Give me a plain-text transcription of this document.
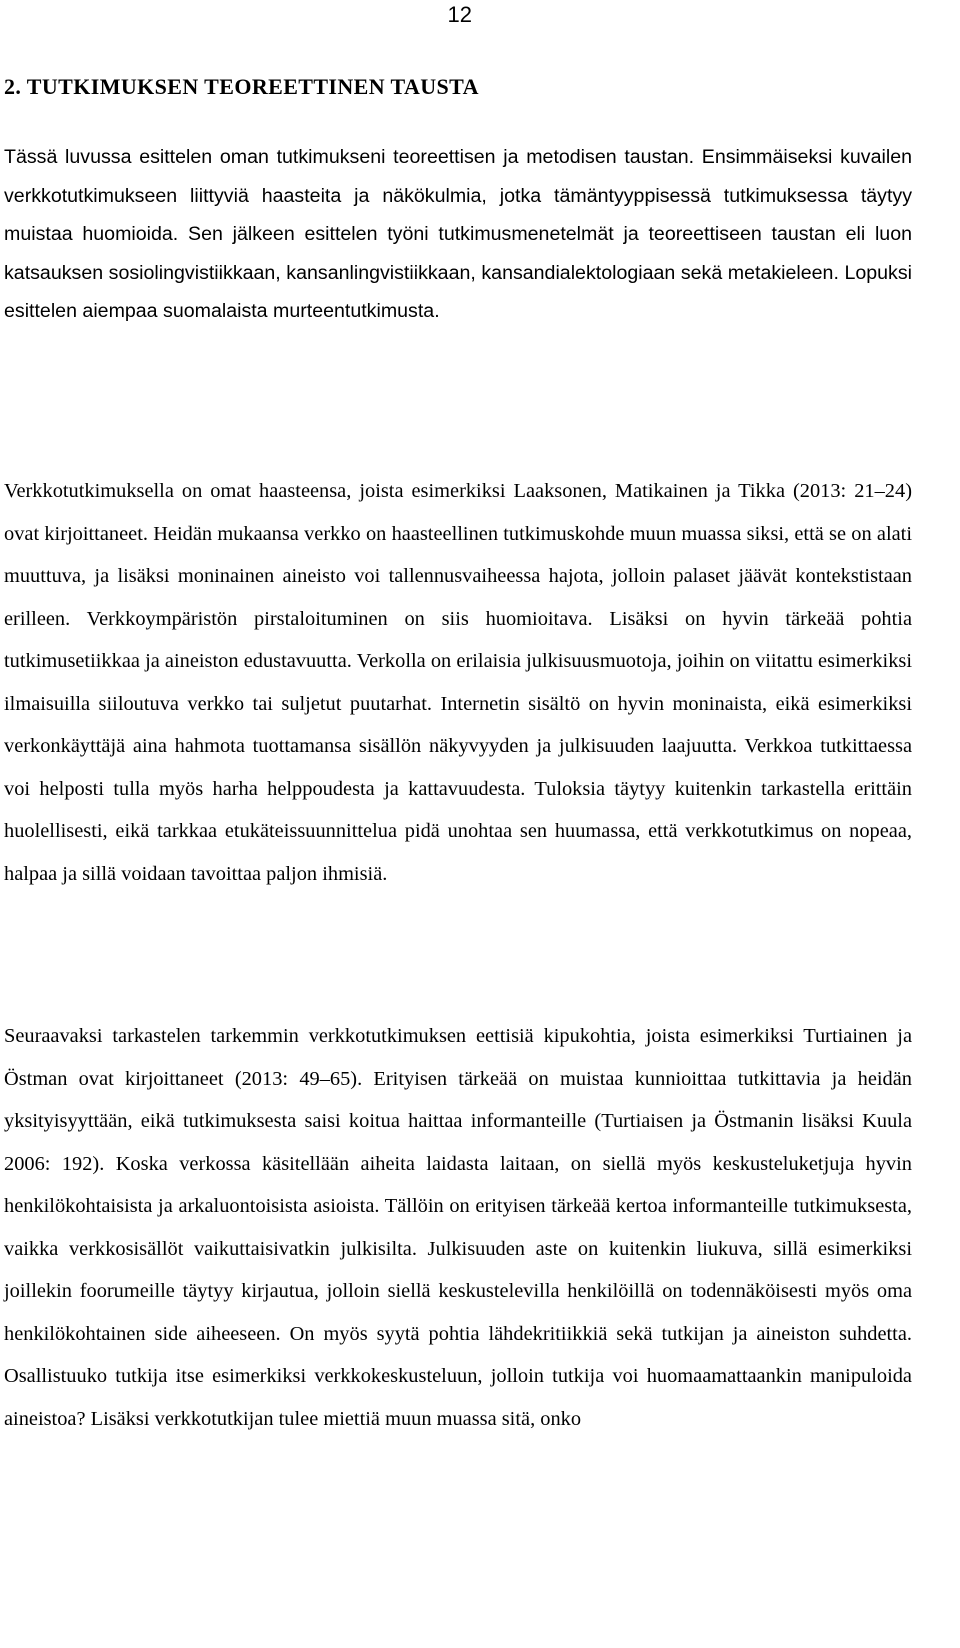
12
2. TUTKIMUKSEN TEOREETTINEN TAUSTA

Tässä luvussa esittelen oman tutkimukseni teoreettisen ja metodisen taustan. Ensimmäiseksi kuvailen verkkotutkimukseen liittyviä haasteita ja näkökulmia, jotka tämäntyyppisessä tutkimuksessa täytyy muistaa huomioida. Sen jälkeen esittelen työni tutkimusmenetelmät ja teoreettiseen taustan eli luon katsauksen sosiolingvistiikkaan, kansanlingvistiikkaan, kansandialektologiaan sekä metakieleen. Lopuksi esittelen aiempaa suomalaista murteentutkimusta.

Verkkotutkimuksella on omat haasteensa, joista esimerkiksi Laaksonen, Matikainen ja Tikka (2013: 21–24) ovat kirjoittaneet. Heidän mukaansa verkko on haasteellinen tutkimuskohde muun muassa siksi, että se on alati muuttuva, ja lisäksi moninainen aineisto voi tallennusvaiheessa hajota, jolloin palaset jäävät kontekstistaan erilleen. Verkkoympäristön pirstaloituminen on siis huomioitava. Lisäksi on hyvin tärkeää pohtia tutkimusetiikkaa ja aineiston edustavuutta. Verkolla on erilaisia julkisuusmuotoja, joihin on viitattu esimerkiksi ilmaisuilla siiloutuva verkko tai suljetut puutarhat. Internetin sisältö on hyvin moninaista, eikä esimerkiksi verkonkäyttäjä aina hahmota tuottamansa sisällön näkyvyyden ja julkisuuden laajuutta. Verkkoa tutkittaessa voi helposti tulla myös harha helppoudesta ja kattavuudesta. Tuloksia täytyy kuitenkin tarkastella erittäin huolellisesti, eikä tarkkaa etukäteissuunnittelua pidä unohtaa sen huumassa, että verkkotutkimus on nopeaa, halpaa ja sillä voidaan tavoittaa paljon ihmisiä.

Seuraavaksi tarkastelen tarkemmin verkkotutkimuksen eettisiä kipukohtia, joista esimerkiksi Turtiainen ja Östman ovat kirjoittaneet (2013: 49–65). Erityisen tärkeää on muistaa kunnioittaa tutkittavia ja heidän yksityisyyttään, eikä tutkimuksesta saisi koitua haittaa informanteille (Turtiaisen ja Östmanin lisäksi Kuula 2006: 192). Koska verkossa käsitellään aiheita laidasta laitaan, on siellä myös keskusteluketjuja hyvin henkilökohtaisista ja arkaluontoisista asioista. Tällöin on erityisen tärkeää kertoa informanteille tutkimuksesta, vaikka verkkosisällöt vaikuttaisivatkin julkisilta. Julkisuuden aste on kuitenkin liukuva, sillä esimerkiksi joillekin foorumeille täytyy kirjautua, jolloin siellä keskustelevilla henkilöillä on todennäköisesti myös oma henkilökohtainen side aiheeseen. On myös syytä pohtia lähdekritiikkiä sekä tutkijan ja aineiston suhdetta. Osallistuuko tutkija itse esimerkiksi verkkokeskusteluun, jolloin tutkija voi huomaamattaankin manipuloida aineistoa? Lisäksi verkkotutkijan tulee miettiä muun muassa sitä, onko
